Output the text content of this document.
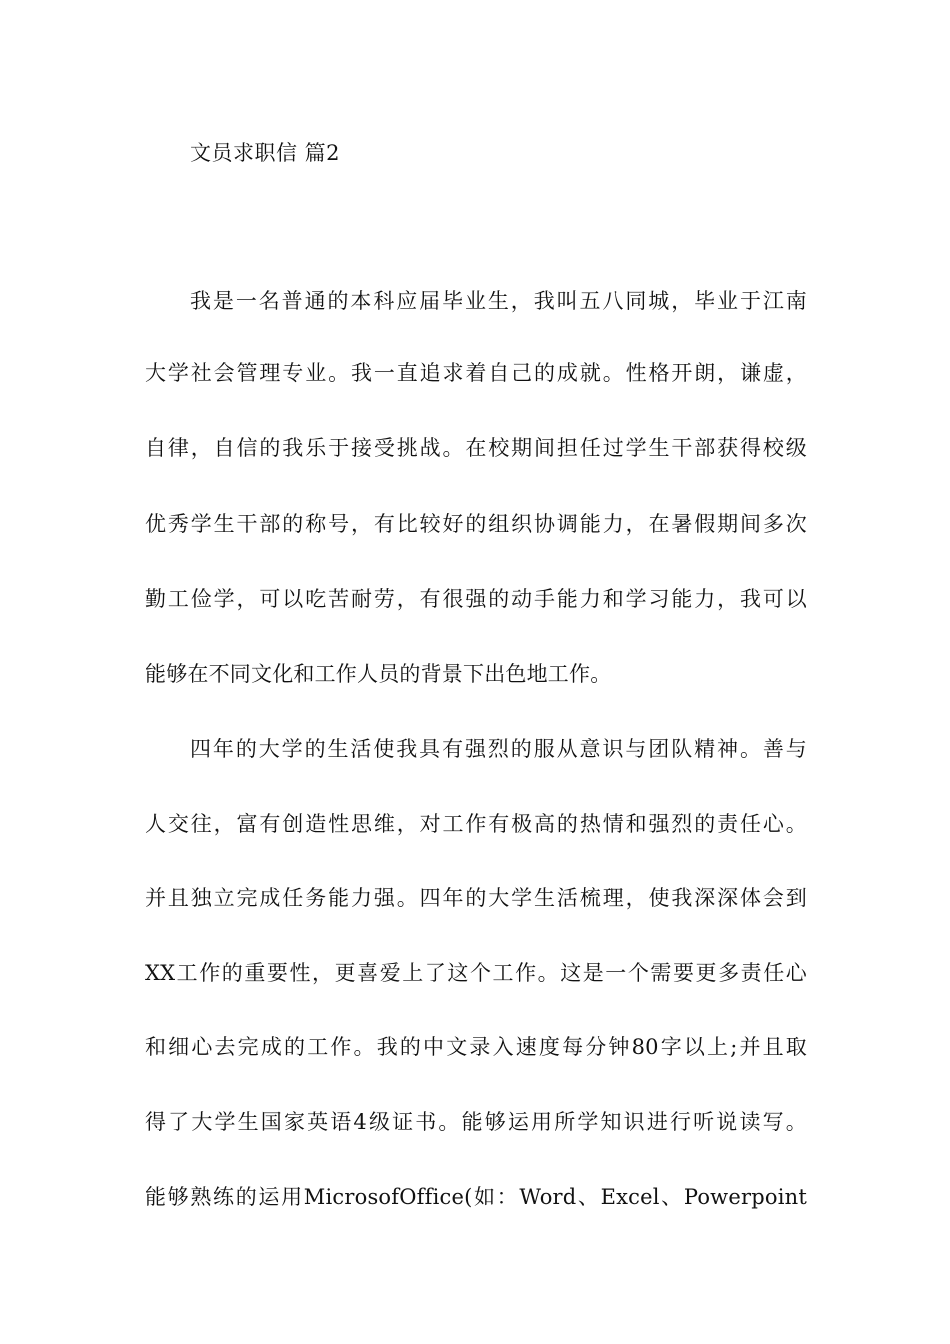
文员求职信 篇2
我是一名普通的本科应届毕业生，我叫五八同城，毕业于江南
大学社会管理专业。我一直追求着自己的成就。性格开朗，谦虚，
自律，自信的我乐于接受挑战。在校期间担任过学生干部获得校级
优秀学生干部的称号，有比较好的组织协调能力，在暑假期间多次
勤工俭学，可以吃苦耐劳，有很强的动手能力和学习能力，我可以
能够在不同文化和工作人员的背景下出色地工作。
四年的大学的生活使我具有强烈的服从意识与团队精神。善与
人交往，富有创造性思维，对工作有极高的热情和强烈的责任心。
并且独立完成任务能力强。四年的大学生活梳理，使我深深体会到
XX工作的重要性，更喜爱上了这个工作。这是一个需要更多责任心
和细心去完成的工作。我的中文录入速度每分钟80字以上;并且取
得了大学生国家英语4级证书。能够运用所学知识进行听说读写。
能够熟练的运用MicrosofOffice(如：Word、Excel、Powerpoint
